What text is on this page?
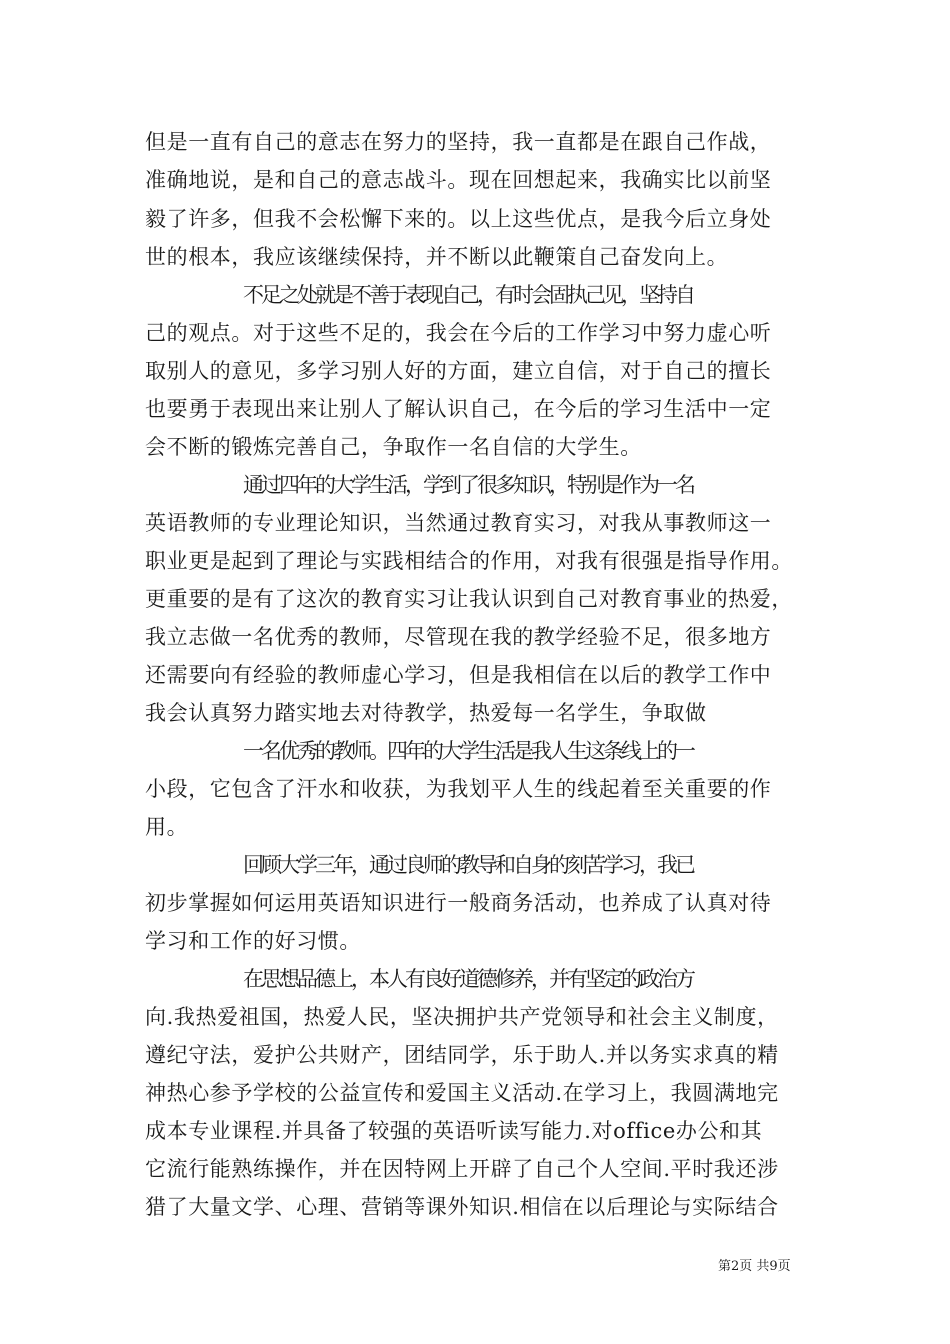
但是一直有自己的意志在努力的坚持，我一直都是在跟自己作战，
准确地说，是和自己的意志战斗。现在回想起来，我确实比以前坚
毅了许多，但我不会松懈下来的。以上这些优点，是我今后立身处
世的根本，我应该继续保持，并不断以此鞭策自己奋发向上。
不足之处就是不善于表现自己，有时会固执己见，坚持自
己的观点。对于这些不足的，我会在今后的工作学习中努力虚心听
取别人的意见，多学习别人好的方面，建立自信，对于自己的擅长
也要勇于表现出来让别人了解认识自己，在今后的学习生活中一定
会不断的锻炼完善自己，争取作一名自信的大学生。
通过四年的大学生活，学到了很多知识，特别是作为一名
英语教师的专业理论知识，当然通过教育实习，对我从事教师这一
职业更是起到了理论与实践相结合的作用，对我有很强是指导作用。
更重要的是有了这次的教育实习让我认识到自己对教育事业的热爱，
我立志做一名优秀的教师，尽管现在我的教学经验不足，很多地方
还需要向有经验的教师虚心学习，但是我相信在以后的教学工作中
我会认真努力踏实地去对待教学，热爱每一名学生，争取做
一名优秀的教师。四年的大学生活是我人生这条线上的一
小段，它包含了汗水和收获，为我划平人生的线起着至关重要的作
用。
回顾大学三年，通过良师的教导和自身的刻苦学习，我已
初步掌握如何运用英语知识进行一般商务活动，也养成了认真对待
学习和工作的好习惯。
在思想品德上，本人有良好道德修养，并有坚定的政治方
向.我热爱祖国，热爱人民，坚决拥护共产党领导和社会主义制度，
遵纪守法，爱护公共财产，团结同学，乐于助人.并以务实求真的精
神热心参予学校的公益宣传和爱国主义活动.在学习上，我圆满地完
成本专业课程.并具备了较强的英语听读写能力.对office办公和其
它流行能熟练操作，并在因特网上开辟了自己个人空间.平时我还涉
猎了大量文学、心理、营销等课外知识.相信在以后理论与实际结合
第2页 共9页
